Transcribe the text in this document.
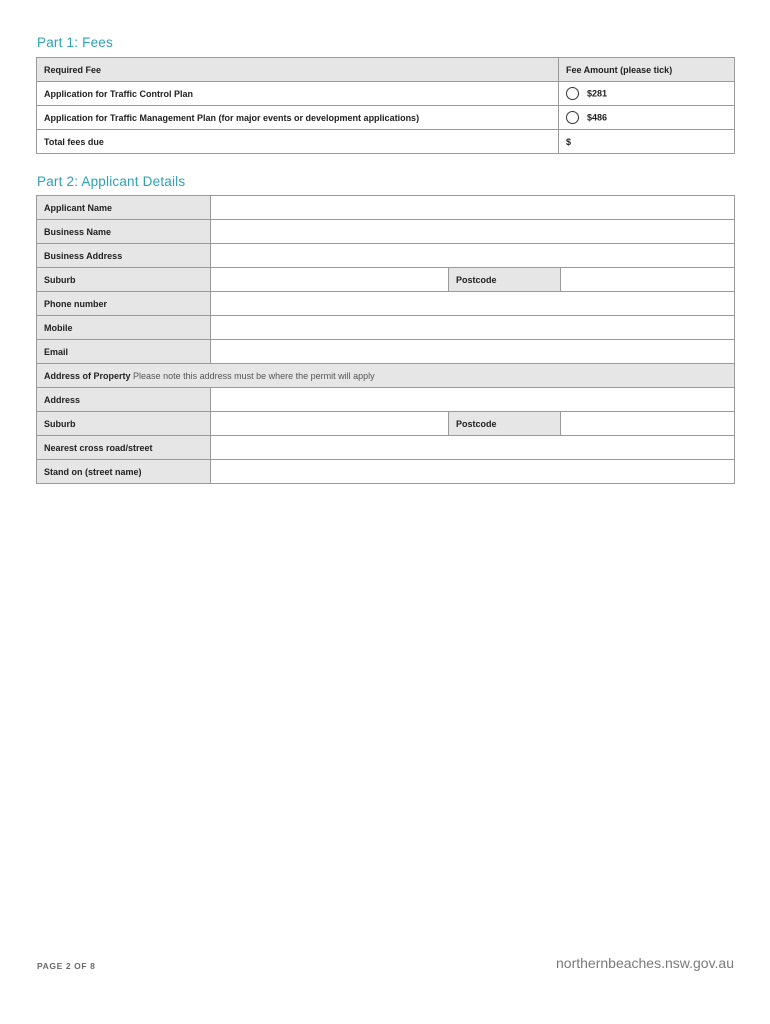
Part 1: Fees
Required Fee	Fee Amount (please tick)
Application for Traffic Control Plan	$281
Application for Traffic Management Plan (for major events or development applications)	$486
Total fees due	$
Part 2: Applicant Details
Applicant Name			
Business Name			
Business Address			
Suburb		Postcode	
Phone number			
Mobile			
Email			
Address of Property Please note this address must be where the permit will apply			
Address			
Suburb		Postcode	
Nearest cross road/street			
Stand on (street name)			
PAGE 2 OF 8	northernbeaches.nsw.gov.au
